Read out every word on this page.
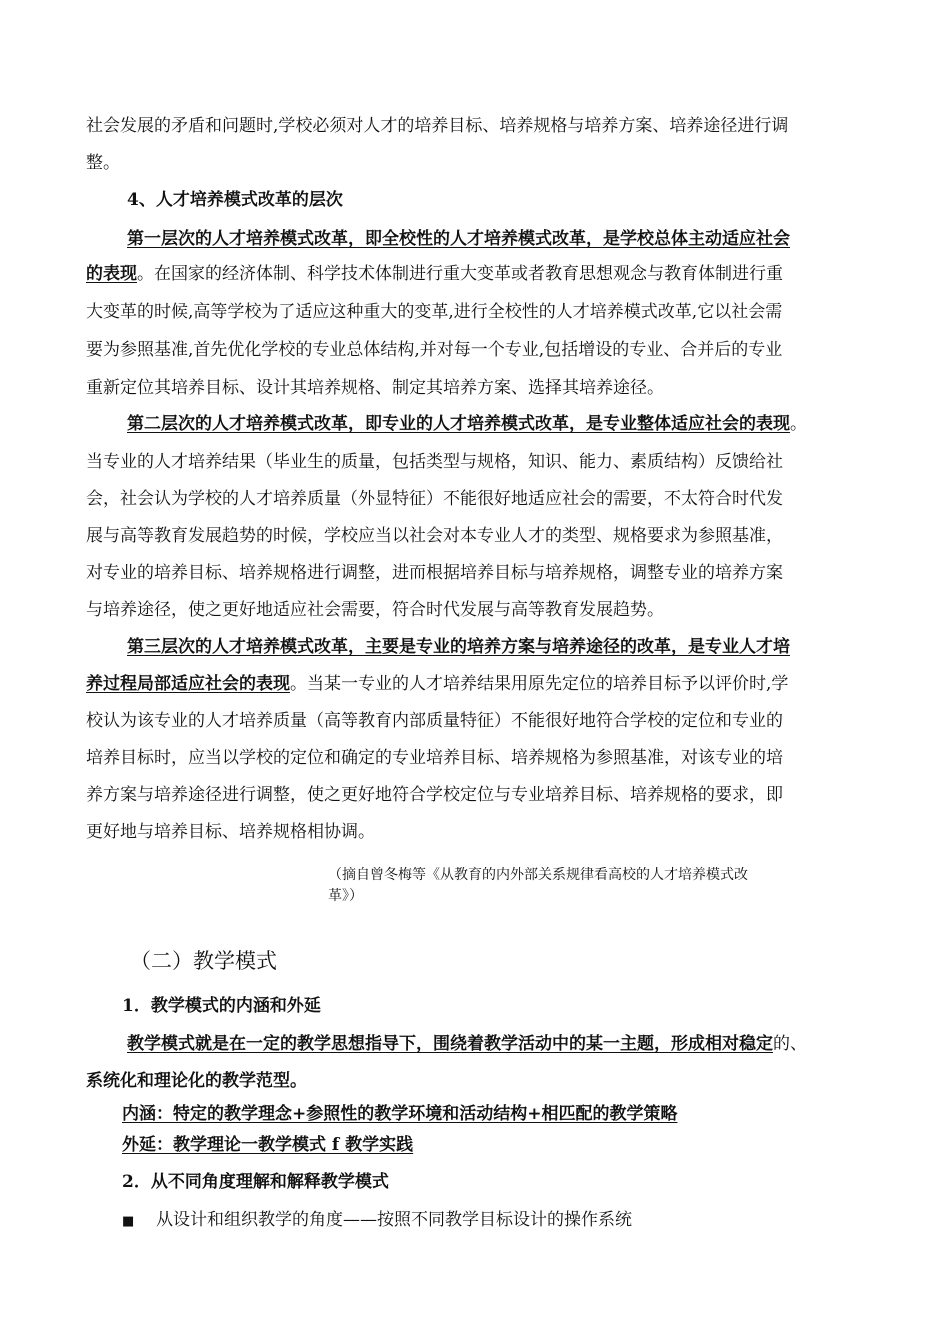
社会发展的矛盾和问题时,学校必须对人才的培养目标、培养规格与培养方案、培养途径进行调
整。
4、人才培养模式改革的层次
第一层次的人才培养模式改革，即全校性的人才培养模式改革，是学校总体主动适应社会
的表现。在国家的经济体制、科学技术体制进行重大变革或者教育思想观念与教育体制进行重
大变革的时候,高等学校为了适应这种重大的变革,进行全校性的人才培养模式改革,它以社会需
要为参照基准,首先优化学校的专业总体结构,并对每一个专业,包括增设的专业、合并后的专业
重新定位其培养目标、设计其培养规格、制定其培养方案、选择其培养途径。
第二层次的人才培养模式改革，即专业的人才培养模式改革，是专业整体适应社会的表现。
当专业的人才培养结果（毕业生的质量，包括类型与规格，知识、能力、素质结构）反馈给社
会，社会认为学校的人才培养质量（外显特征）不能很好地适应社会的需要，不太符合时代发
展与高等教育发展趋势的时候，学校应当以社会对本专业人才的类型、规格要求为参照基准，
对专业的培养目标、培养规格进行调整，进而根据培养目标与培养规格，调整专业的培养方案
与培养途径，使之更好地适应社会需要，符合时代发展与高等教育发展趋势。
第三层次的人才培养模式改革，主要是专业的培养方案与培养途径的改革，是专业人才培
养过程局部适应社会的表现。当某一专业的人才培养结果用原先定位的培养目标予以评价时,学
校认为该专业的人才培养质量（高等教育内部质量特征）不能很好地符合学校的定位和专业的
培养目标时，应当以学校的定位和确定的专业培养目标、培养规格为参照基准，对该专业的培
养方案与培养途径进行调整，使之更好地符合学校定位与专业培养目标、培养规格的要求，即
更好地与培养目标、培养规格相协调。
（摘自曾冬梅等《从教育的内外部关系规律看高校的人才培养模式改
革》）
（二）教学模式
1．教学模式的内涵和外延
教学模式就是在一定的教学思想指导下，围绕着教学活动中的某一主题，形成相对稳定的、
系统化和理论化的教学范型。
内涵：特定的教学理念+参照性的教学环境和活动结构+相匹配的教学策略
外延：教学理论一教学模式 f 教学实践
2．从不同角度理解和解释教学模式
■ 从设计和组织教学的角度——按照不同教学目标设计的操作系统
